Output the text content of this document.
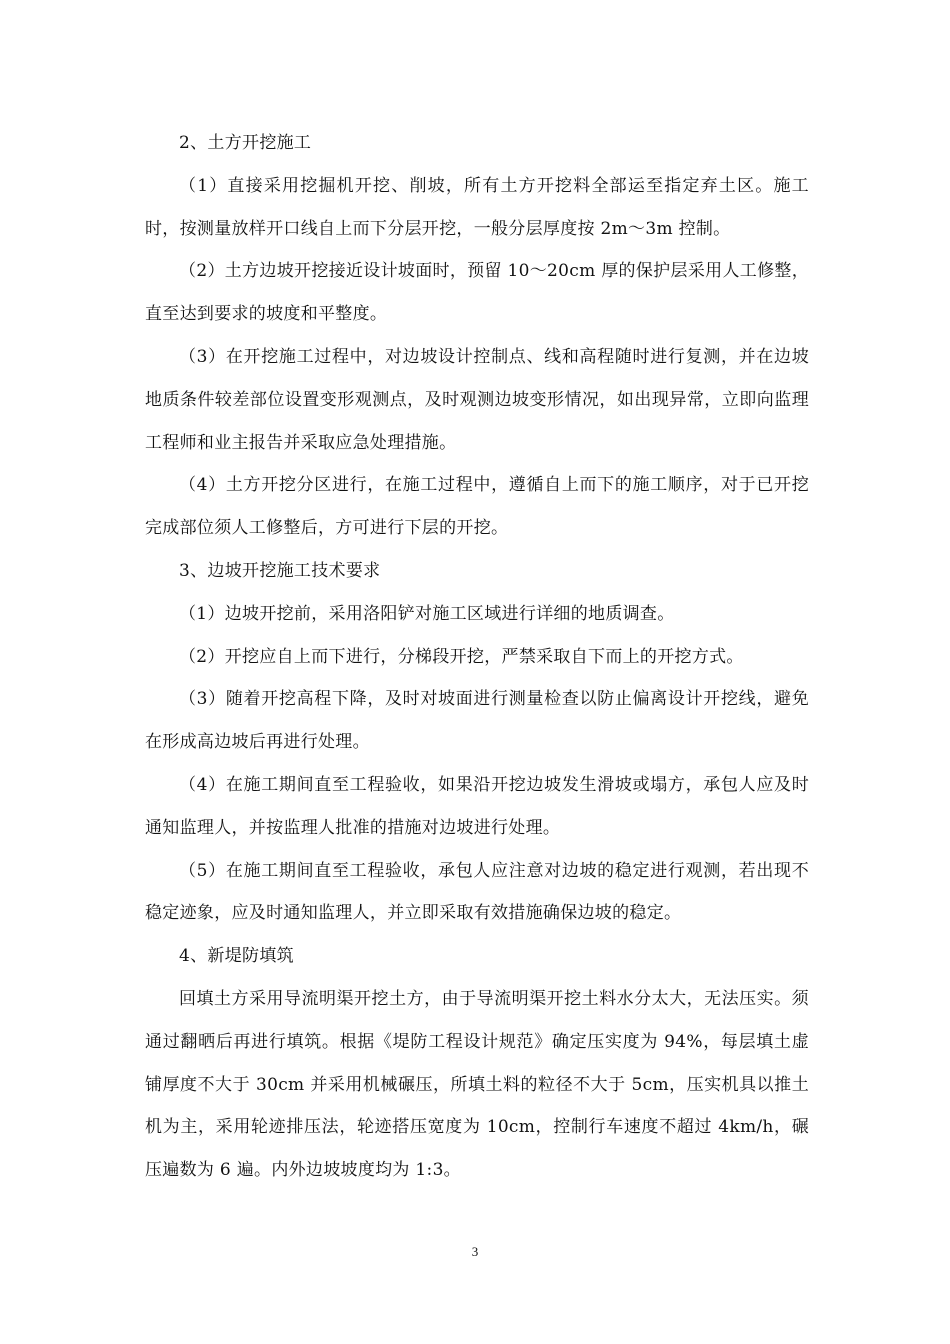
2、土方开挖施工

（1）直接采用挖掘机开挖、削坡，所有土方开挖料全部运至指定弃土区。施工时，按测量放样开口线自上而下分层开挖，一般分层厚度按 2m～3m 控制。

（2）土方边坡开挖接近设计坡面时，预留 10～20cm 厚的保护层采用人工修整，直至达到要求的坡度和平整度。

（3）在开挖施工过程中，对边坡设计控制点、线和高程随时进行复测，并在边坡地质条件较差部位设置变形观测点，及时观测边坡变形情况，如出现异常，立即向监理工程师和业主报告并采取应急处理措施。

（4）土方开挖分区进行，在施工过程中，遵循自上而下的施工顺序，对于已开挖完成部位须人工修整后，方可进行下层的开挖。

3、边坡开挖施工技术要求

（1）边坡开挖前，采用洛阳铲对施工区域进行详细的地质调查。

（2）开挖应自上而下进行，分梯段开挖，严禁采取自下而上的开挖方式。

（3）随着开挖高程下降，及时对坡面进行测量检查以防止偏离设计开挖线，避免在形成高边坡后再进行处理。

（4）在施工期间直至工程验收，如果沿开挖边坡发生滑坡或塌方，承包人应及时通知监理人，并按监理人批准的措施对边坡进行处理。

（5）在施工期间直至工程验收，承包人应注意对边坡的稳定进行观测，若出现不稳定迹象，应及时通知监理人，并立即采取有效措施确保边坡的稳定。

4、新堤防填筑

回填土方采用导流明渠开挖土方，由于导流明渠开挖土料水分太大，无法压实。须通过翻晒后再进行填筑。根据《堤防工程设计规范》确定压实度为 94%，每层填土虚铺厚度不大于 30cm 并采用机械碾压，所填土料的粒径不大于 5cm，压实机具以推土机为主，采用轮迹排压法，轮迹搭压宽度为 10cm，控制行车速度不超过 4km/h，碾压遍数为 6 遍。内外边坡坡度均为 1:3。

3
